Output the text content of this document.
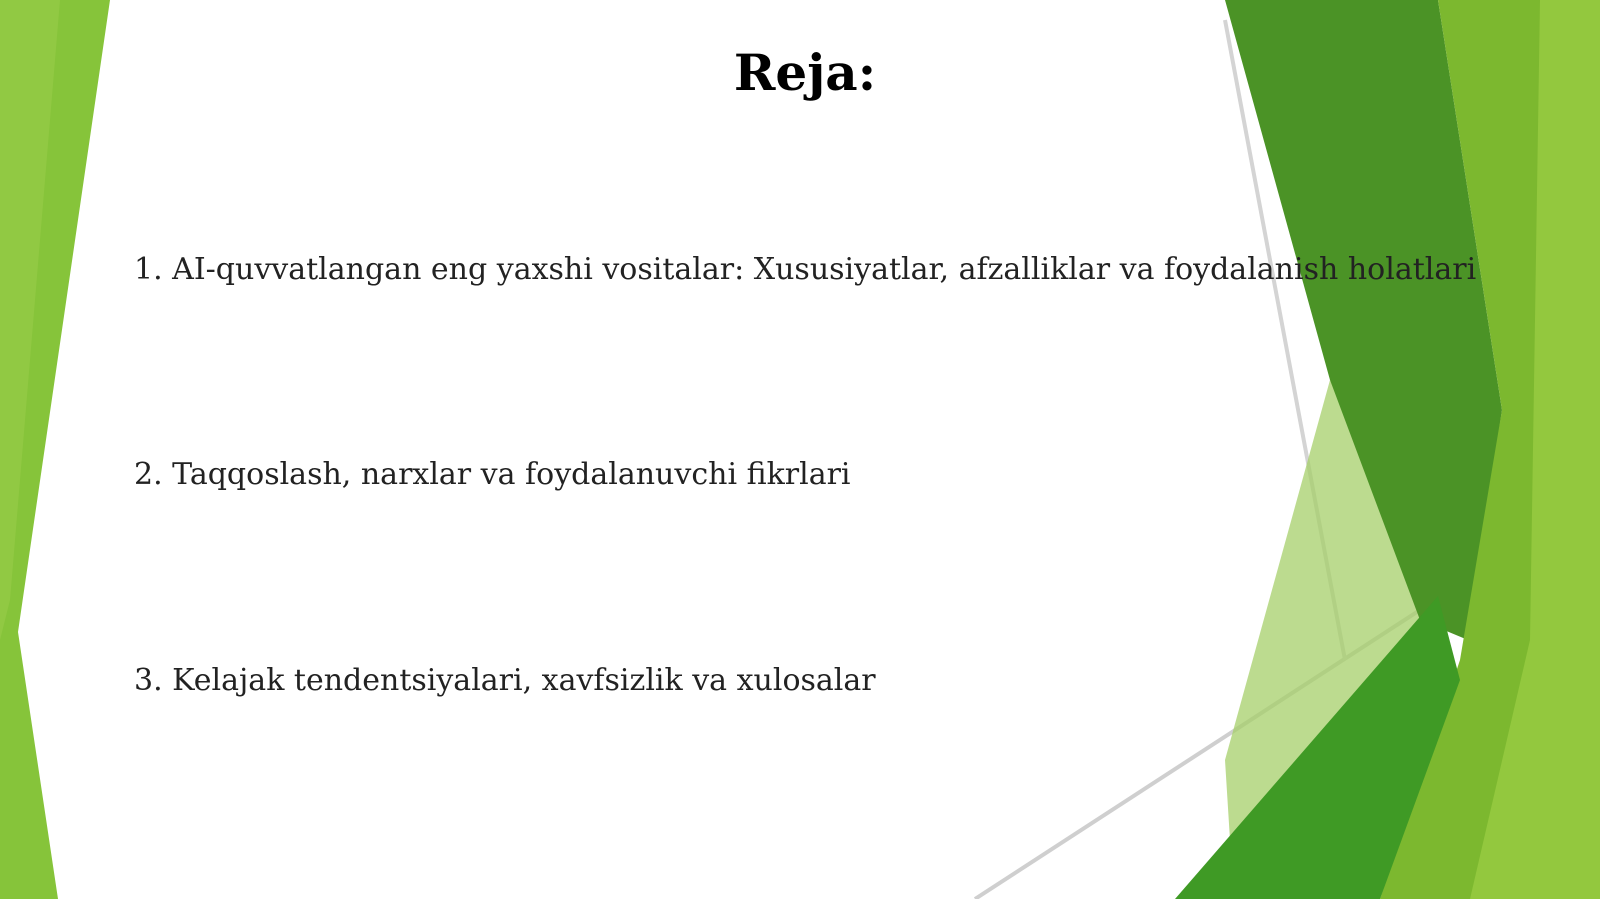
Reja:
1. AI-quvvatlangan eng yaxshi vositalar: Xususiyatlar, afzalliklar va foydalanish holatlari
2. Taqqoslash, narxlar va foydalanuvchi fikrlari
3. Kelajak tendentsiyalari, xavfsizlik va xulosalar
